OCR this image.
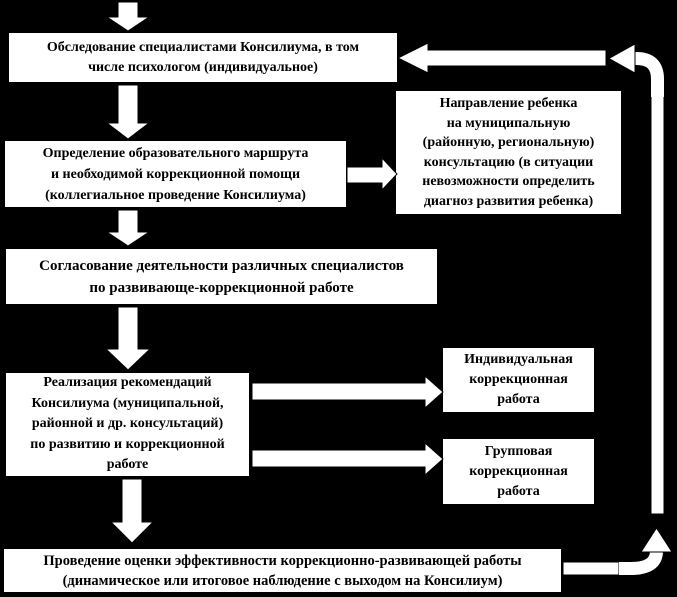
Обследование специалистами Консилиума, в том
числе психологом (индивидуальное)
Определение образовательного маршрута
и необходимой коррекционной помощи
(коллегиальное проведение Консилиума)
Направление ребенка
на муниципальную
(районную, региональную)
консультацию (в ситуации
невозможности определить
диагноз развития ребенка)
Согласование деятельности различных специалистов
по развивающе-коррекционной работе
Реализация рекомендаций
Консилиума (муниципальной,
районной и др. консультаций)
по развитию и коррекционной
работе
Индивидуальная
коррекционная
работа
Групповая
коррекционная
работа
Проведение оценки эффективности коррекционно-развивающей работы
(динамическое или итоговое наблюдение с выходом на Консилиум)
